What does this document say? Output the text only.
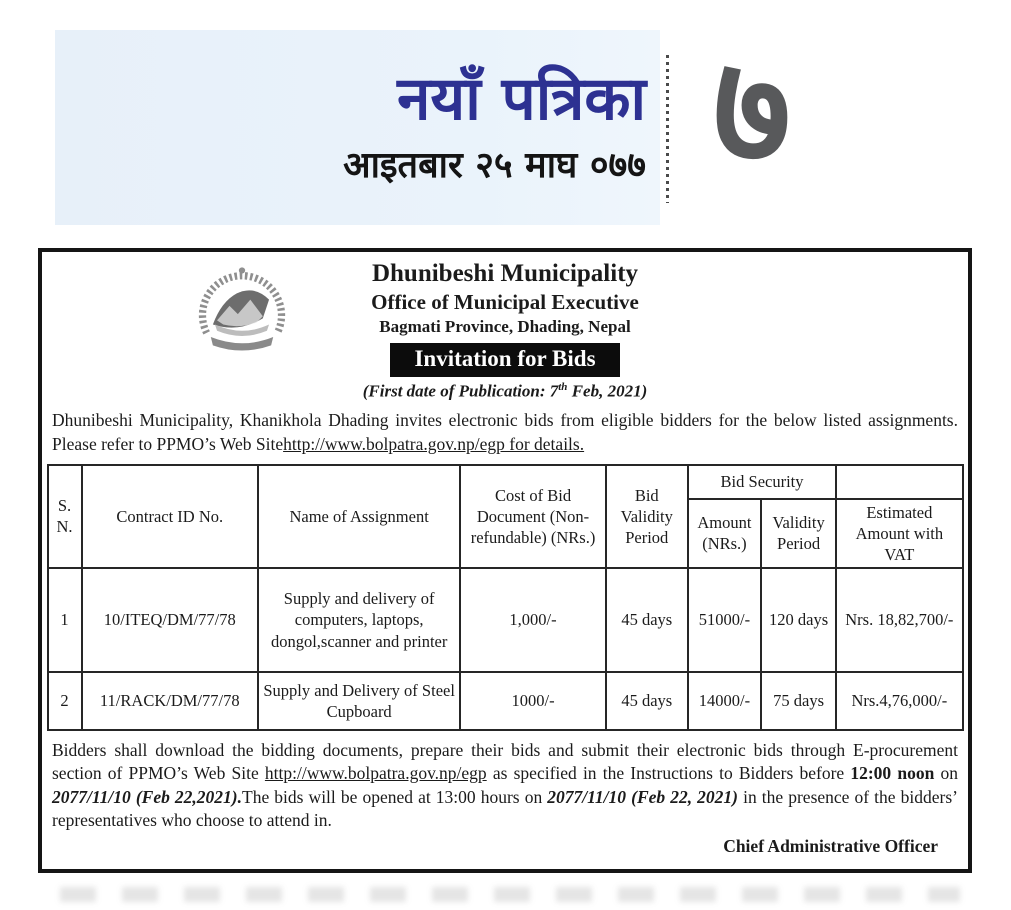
नयाँ पत्रिका
आइतबार २५ माघ ०७७ ७
Dhunibeshi Municipality
Office of Municipal Executive
Bagmati Province, Dhading, Nepal
Invitation for Bids
(First date of Publication: 7th Feb, 2021)

Dhunibeshi Municipality, Khanikhola Dhading invites electronic bids from eligible bidders for the below listed assignments. Please refer to PPMO’s Web Sitehttp://www.bolpatra.gov.np/egp for details.

S. N.	Contract ID No.	Name of Assignment	Cost of Bid Document (Non-refundable) (NRs.)	Bid Validity Period	Bid Security		
					Amount (NRs.)	Validity Period	Estimated Amount with VAT
1	10/ITEQ/DM/77/78	Supply and delivery of computers, laptops, dongol,scanner and printer	1,000/-	45 days	51000/-	120 days	Nrs. 18,82,700/-
2	11/RACK/DM/77/78	Supply and Delivery of Steel Cupboard	1000/-	45 days	14000/-	75 days	Nrs.4,76,000/-

Bidders shall download the bidding documents, prepare their bids and submit their electronic bids through E-procurement section of PPMO’s Web Site http://www.bolpatra.gov.np/egp as specified in the Instructions to Bidders before 12:00 noon on 2077/11/10 (Feb 22,2021).The bids will be opened at 13:00 hours on 2077/11/10 (Feb 22, 2021) in the presence of the bidders’ representatives who choose to attend in.

Chief Administrative Officer
